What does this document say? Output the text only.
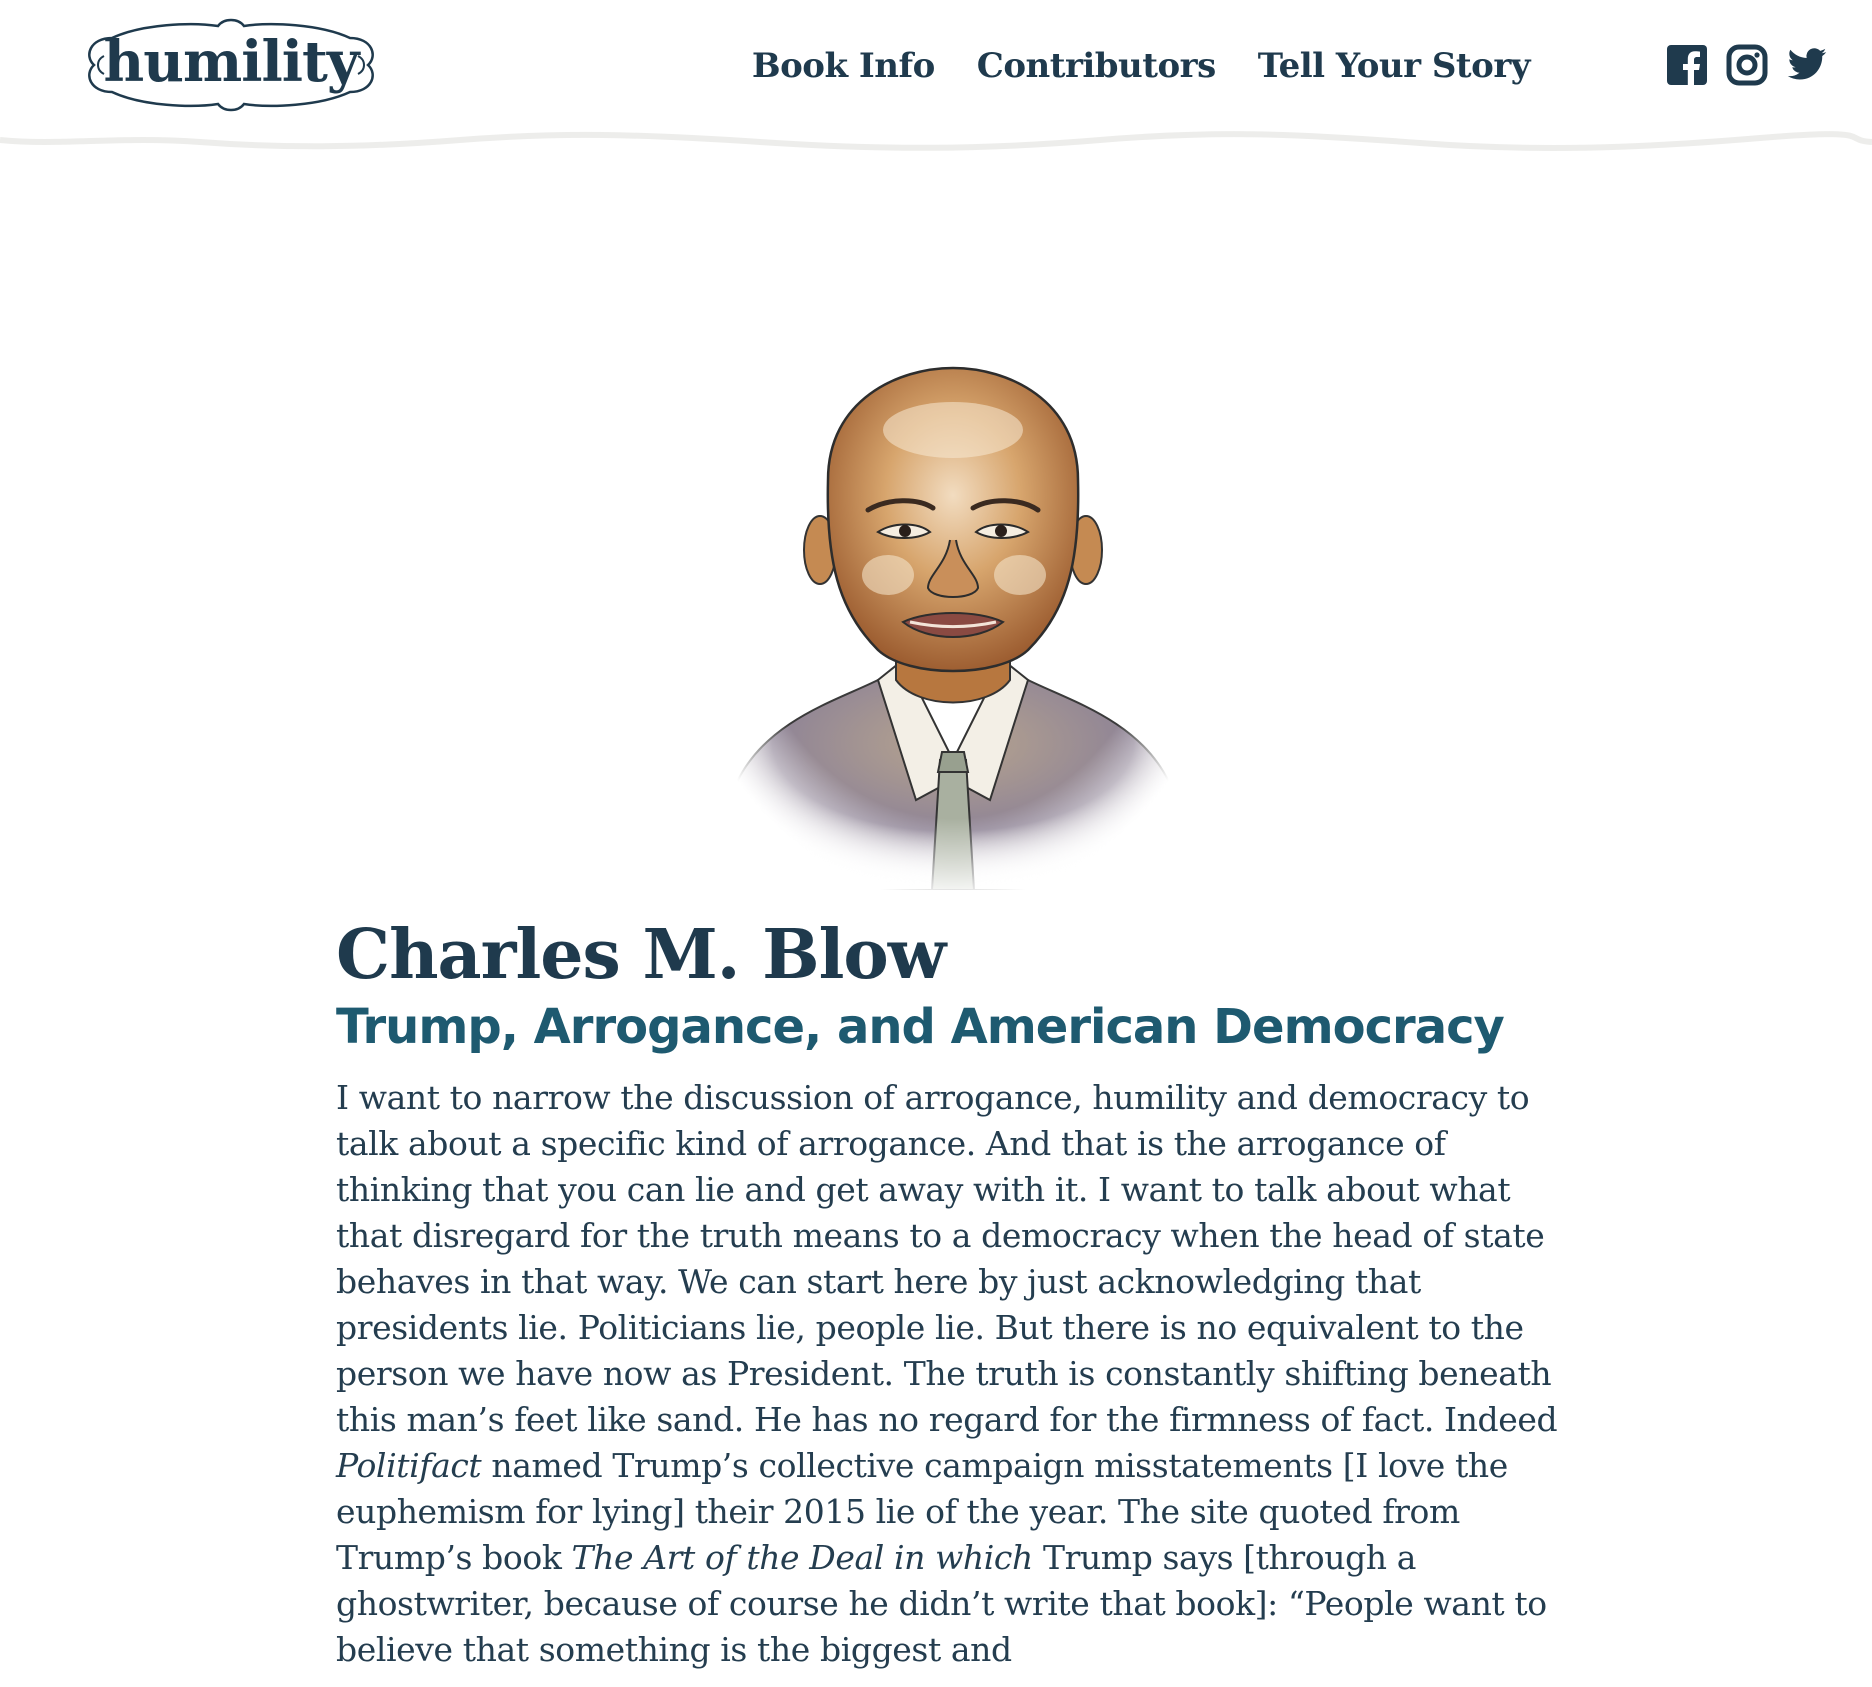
humility	Book Info Contributors Tell Your Story
Charles M. Blow
Trump, Arrogance, and American Democracy

I want to narrow the discussion of arrogance, humility and democracy to talk about a specific kind of arrogance. And that is the arrogance of thinking that you can lie and get away with it. I want to talk about what that disregard for the truth means to a democracy when the head of state behaves in that way. We can start here by just acknowledging that presidents lie. Politicians lie, people lie. But there is no equivalent to the person we have now as President. The truth is constantly shifting beneath this man’s feet like sand. He has no regard for the firmness of fact. Indeed Politifact named Trump’s collective campaign misstatements [I love the euphemism for lying] their 2015 lie of the year. The site quoted from Trump’s book The Art of the Deal in which Trump says [through a ghostwriter, because of course he didn’t write that book]: “People want to believe that something is the biggest and
